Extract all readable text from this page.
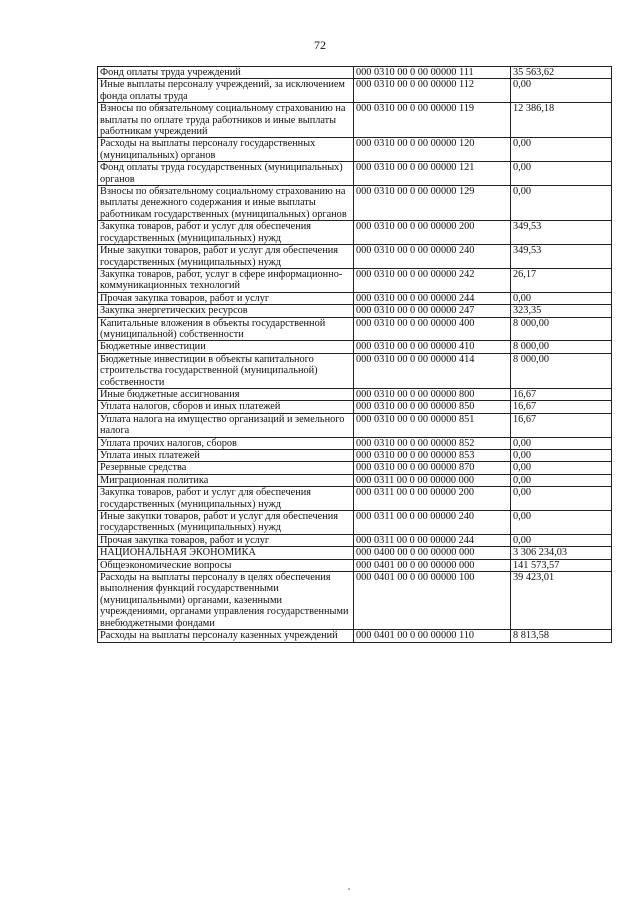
72
Фонд оплаты труда учреждений	000 0310 00 0 00 00000 111	35 563,62
Иные выплаты персоналу учреждений, за исключением фонда оплаты труда	000 0310 00 0 00 00000 112	0,00
Взносы по обязательному социальному страхованию на выплаты по оплате труда работников и иные выплаты работникам учреждений	000 0310 00 0 00 00000 119	12 386,18
Расходы на выплаты персоналу государственных (муниципальных) органов	000 0310 00 0 00 00000 120	0,00
Фонд оплаты труда государственных (муниципальных) органов	000 0310 00 0 00 00000 121	0,00
Взносы по обязательному социальному страхованию на выплаты денежного содержания и иные выплаты работникам государственных (муниципальных) органов	000 0310 00 0 00 00000 129	0,00
Закупка товаров, работ и услуг для обеспечения государственных (муниципальных) нужд	000 0310 00 0 00 00000 200	349,53
Иные закупки товаров, работ и услуг для обеспечения государственных (муниципальных) нужд	000 0310 00 0 00 00000 240	349,53
Закупка товаров, работ, услуг в сфере информационно-коммуникационных технологий	000 0310 00 0 00 00000 242	26,17
Прочая закупка товаров, работ и услуг	000 0310 00 0 00 00000 244	0,00
Закупка энергетических ресурсов	000 0310 00 0 00 00000 247	323,35
Капитальные вложения в объекты государственной (муниципальной) собственности	000 0310 00 0 00 00000 400	8 000,00
Бюджетные инвестиции	000 0310 00 0 00 00000 410	8 000,00
Бюджетные инвестиции в объекты капитального строительства государственной (муниципальной) собственности	000 0310 00 0 00 00000 414	8 000,00
Иные бюджетные ассигнования	000 0310 00 0 00 00000 800	16,67
Уплата налогов, сборов и иных платежей	000 0310 00 0 00 00000 850	16,67
Уплата налога на имущество организаций и земельного налога	000 0310 00 0 00 00000 851	16,67
Уплата прочих налогов, сборов	000 0310 00 0 00 00000 852	0,00
Уплата иных платежей	000 0310 00 0 00 00000 853	0,00
Резервные средства	000 0310 00 0 00 00000 870	0,00
Миграционная политика	000 0311 00 0 00 00000 000	0,00
Закупка товаров, работ и услуг для обеспечения государственных (муниципальных) нужд	000 0311 00 0 00 00000 200	0,00
Иные закупки товаров, работ и услуг для обеспечения государственных (муниципальных) нужд	000 0311 00 0 00 00000 240	0,00
Прочая закупка товаров, работ и услуг	000 0311 00 0 00 00000 244	0,00
НАЦИОНАЛЬНАЯ ЭКОНОМИКА	000 0400 00 0 00 00000 000	3 306 234,03
Общеэкономические вопросы	000 0401 00 0 00 00000 000	141 573,57
Расходы на выплаты персоналу в целях обеспечения выполнения функций государственными (муниципальными) органами, казенными учреждениями, органами управления государственными внебюджетными фондами	000 0401 00 0 00 00000 100	39 423,01
Расходы на выплаты персоналу казенных учреждений	000 0401 00 0 00 00000 110	8 813,58
